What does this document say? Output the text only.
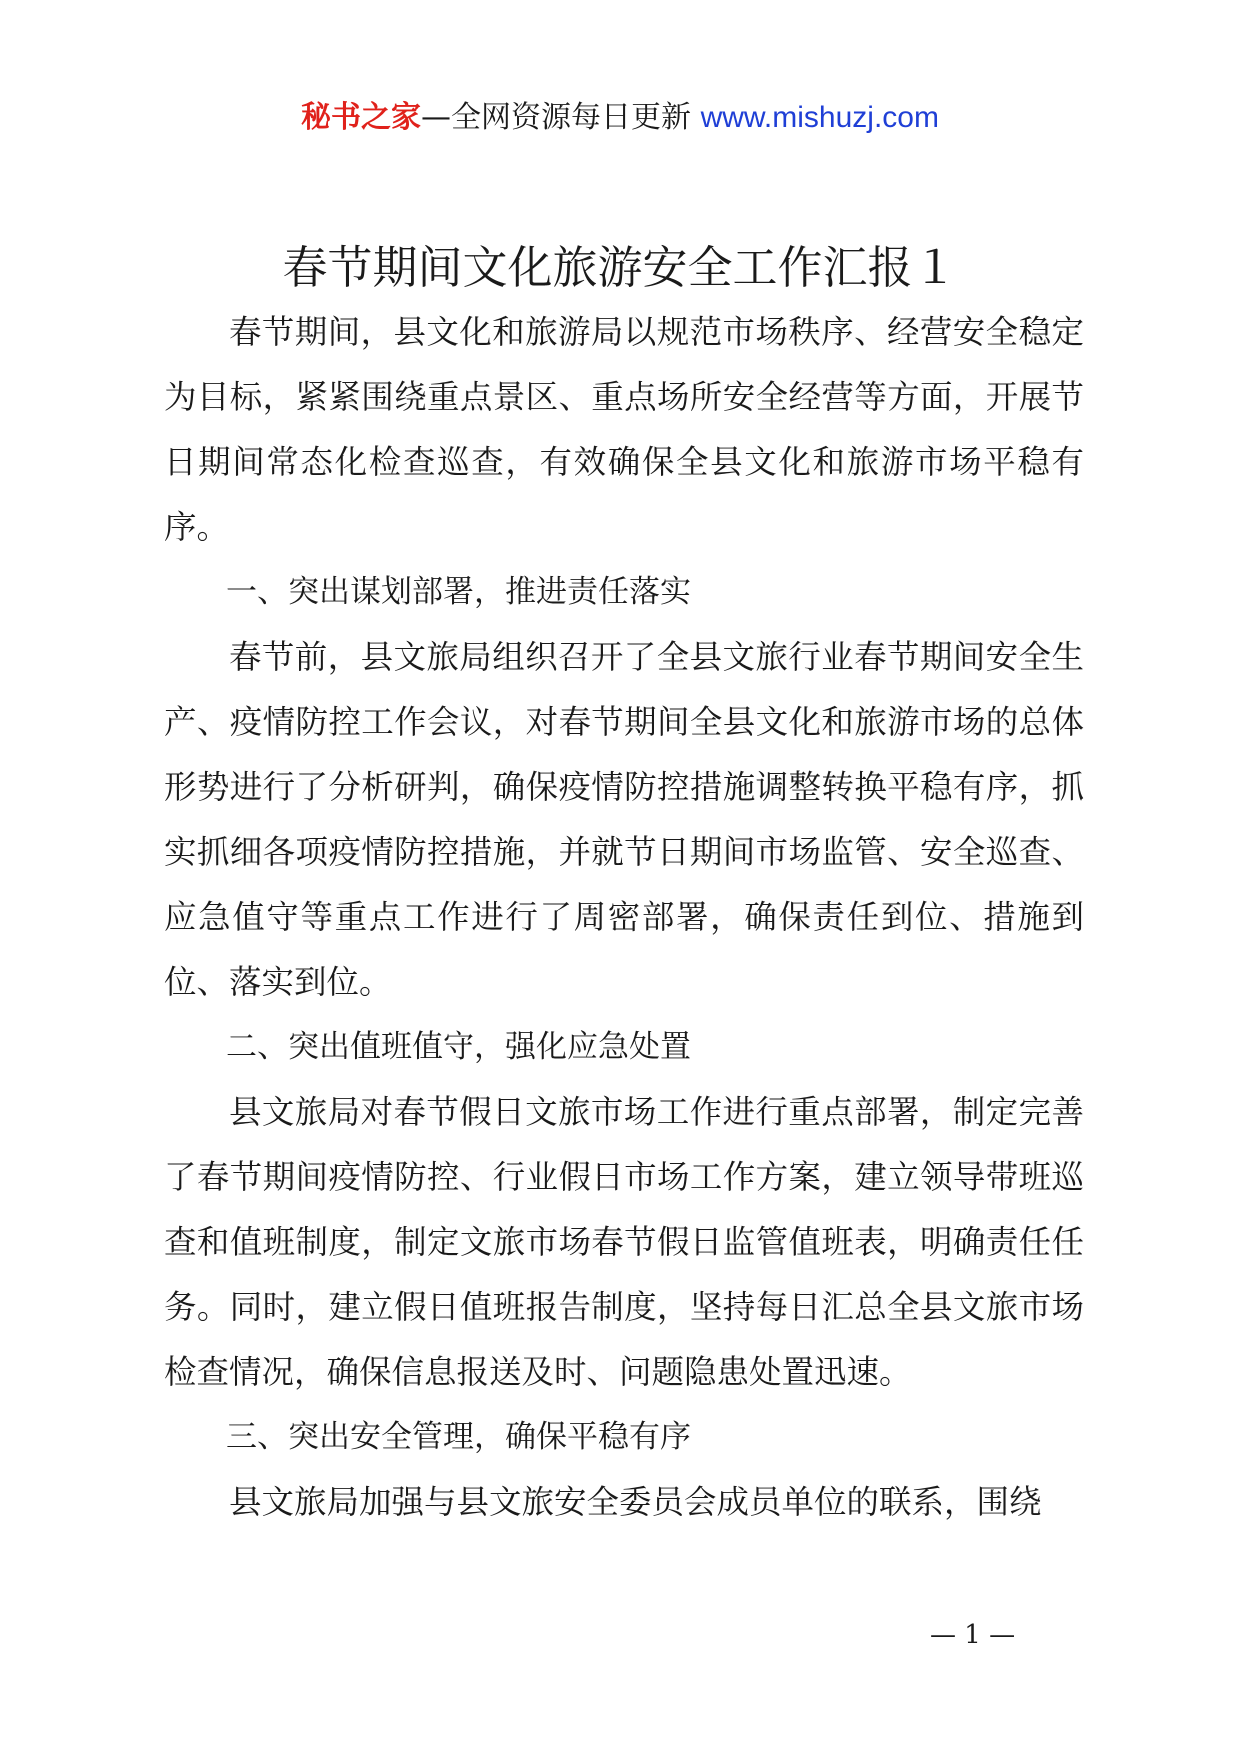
秘书之家—全网资源每日更新 www.mishuzj.com
春节期间文化旅游安全工作汇报１

春节期间，县文化和旅游局以规范市场秩序、经营安全稳定为目标，紧紧围绕重点景区、重点场所安全经营等方面，开展节日期间常态化检查巡查，有效确保全县文化和旅游市场平稳有序。

一、突出谋划部署，推进责任落实

春节前，县文旅局组织召开了全县文旅行业春节期间安全生产、疫情防控工作会议，对春节期间全县文化和旅游市场的总体形势进行了分析研判，确保疫情防控措施调整转换平稳有序，抓实抓细各项疫情防控措施，并就节日期间市场监管、安全巡查、应急值守等重点工作进行了周密部署，确保责任到位、措施到位、落实到位。

二、突出值班值守，强化应急处置

县文旅局对春节假日文旅市场工作进行重点部署，制定完善了春节期间疫情防控、行业假日市场工作方案，建立领导带班巡查和值班制度，制定文旅市场春节假日监管值班表，明确责任任务。同时，建立假日值班报告制度，坚持每日汇总全县文旅市场检查情况，确保信息报送及时、问题隐患处置迅速。

三、突出安全管理，确保平稳有序

县文旅局加强与县文旅安全委员会成员单位的联系，围绕

— 1 —
